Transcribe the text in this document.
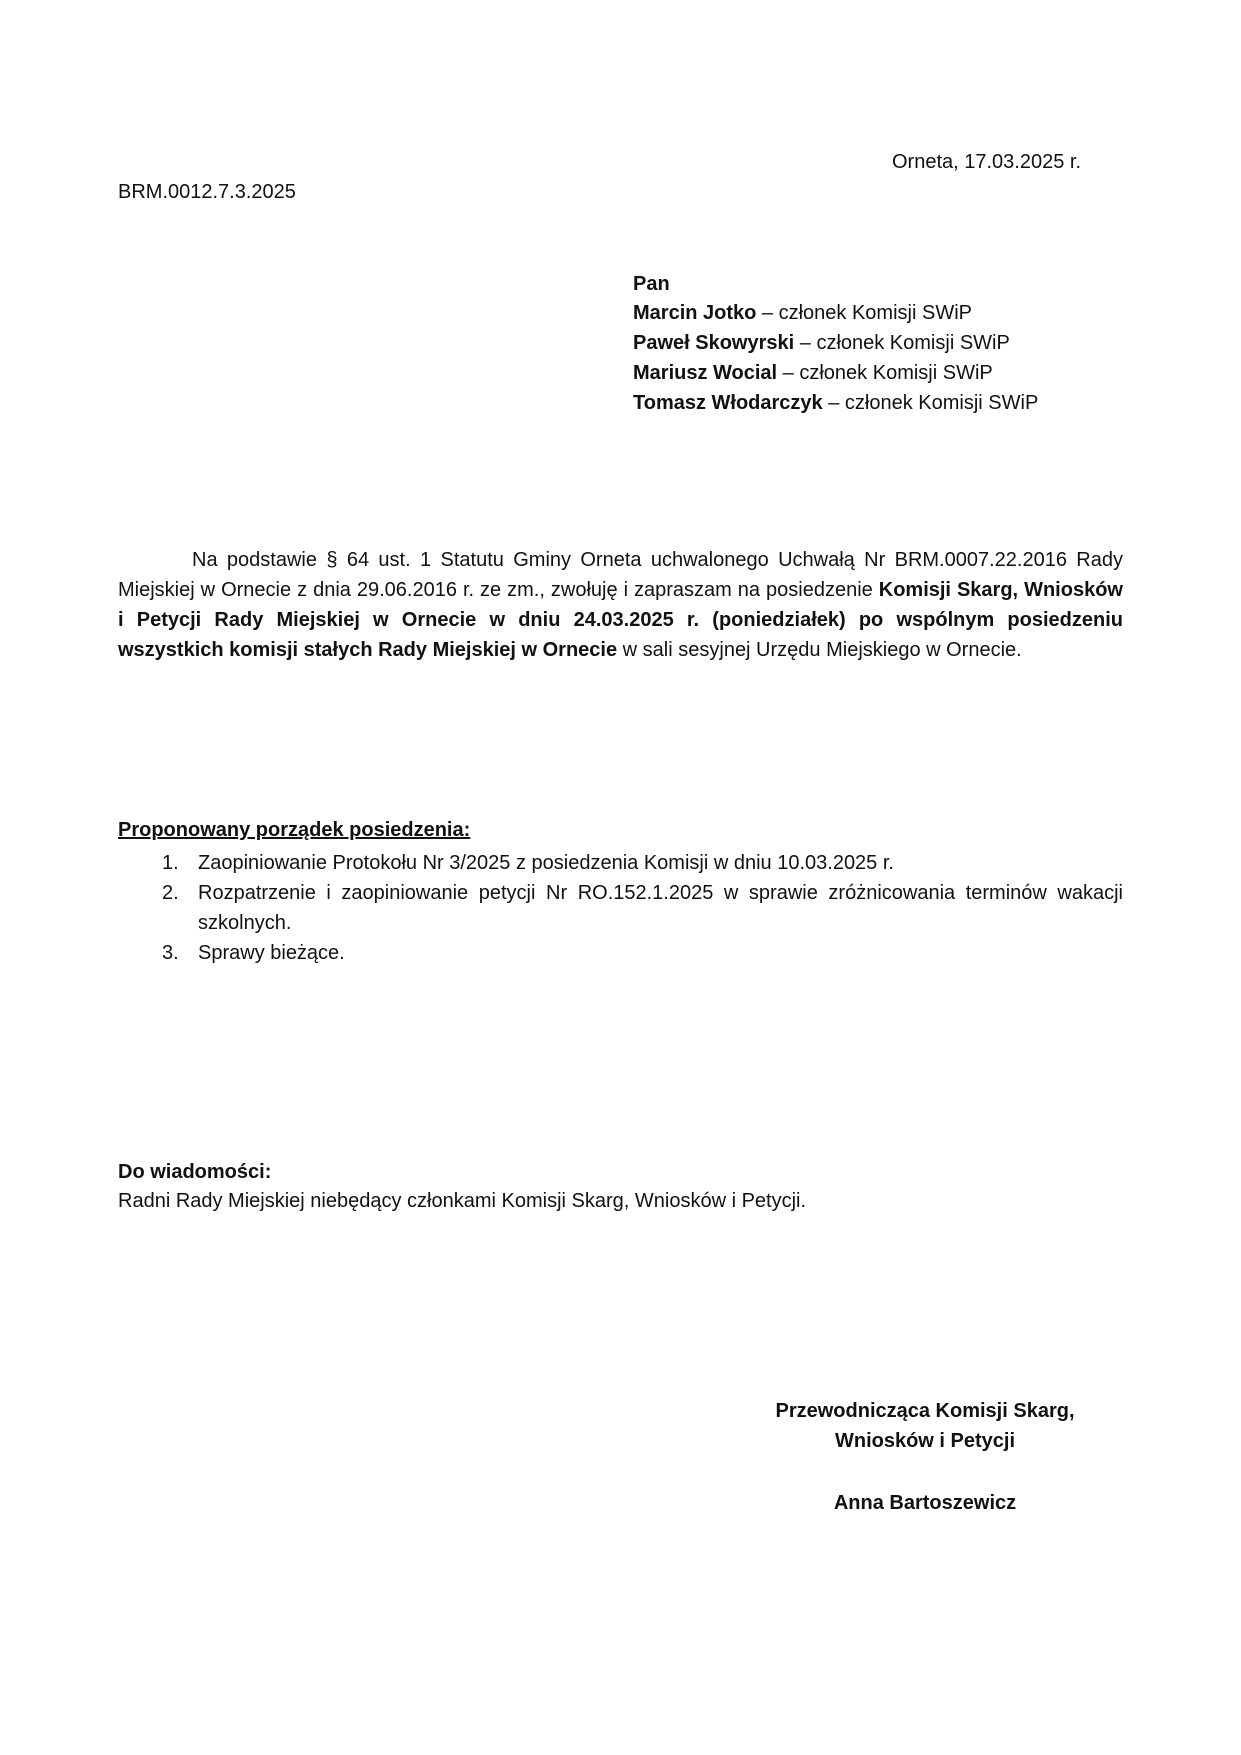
Orneta, 17.03.2025 r.
BRM.0012.7.3.2025
Pan
Marcin Jotko – członek Komisji SWiP
Paweł Skowyrski – członek Komisji SWiP
Mariusz Wocial – członek Komisji SWiP
Tomasz Włodarczyk – członek Komisji SWiP
Na podstawie § 64 ust. 1 Statutu Gminy Orneta uchwalonego Uchwałą Nr BRM.0007.22.2016 Rady Miejskiej w Ornecie z dnia 29.06.2016 r. ze zm., zwołuję i zapraszam na posiedzenie Komisji Skarg, Wniosków i Petycji Rady Miejskiej w Ornecie w dniu 24.03.2025 r. (poniedziałek) po wspólnym posiedzeniu wszystkich komisji stałych Rady Miejskiej w Ornecie w sali sesyjnej Urzędu Miejskiego w Ornecie.
Proponowany porządek posiedzenia:
1. Zaopiniowanie Protokołu Nr 3/2025 z posiedzenia Komisji w dniu 10.03.2025 r.
2. Rozpatrzenie i zaopiniowanie petycji Nr RO.152.1.2025 w sprawie zróżnicowania terminów wakacji szkolnych.
3. Sprawy bieżące.
Do wiadomości:
Radni Rady Miejskiej niebędący członkami Komisji Skarg, Wniosków i Petycji.
Przewodnicząca Komisji Skarg,
Wniosków i Petycji
Anna Bartoszewicz
